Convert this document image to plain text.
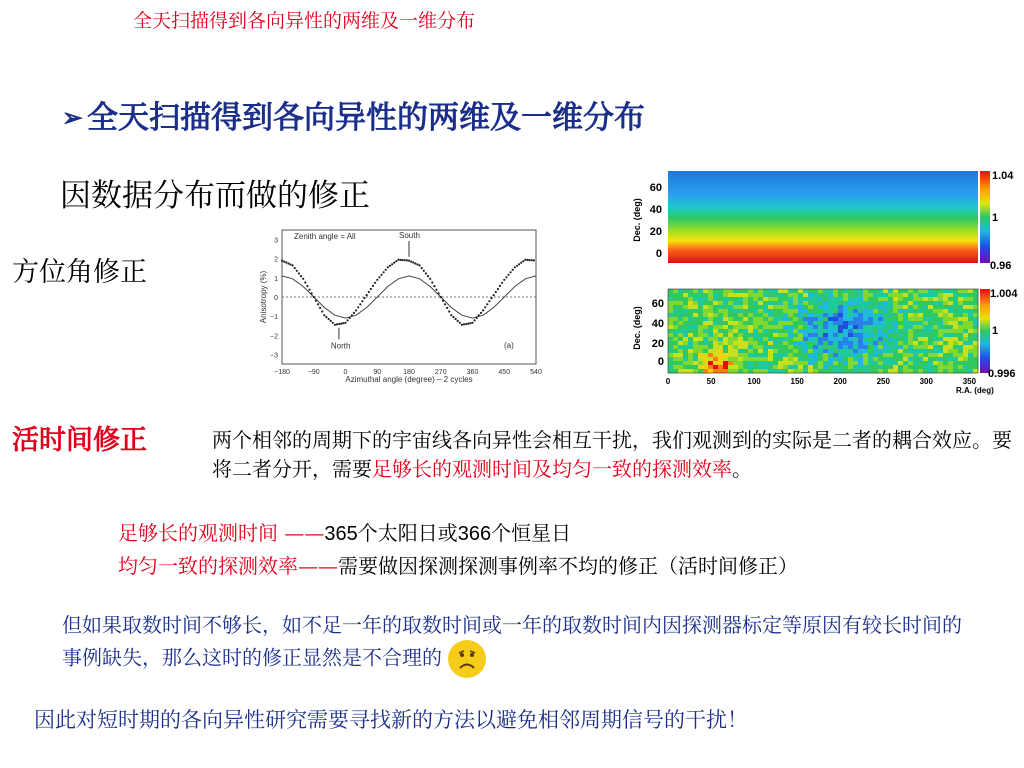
全天扫描得到各向异性的两维及一维分布
➢ 全天扫描得到各向异性的两维及一维分布
因数据分布而做的修正
方位角修正
3
2
1
0
−1
−2
−3
−180	−90	0	90	180	270	360	450	540
Zenith angle = All	South
North	(a)
Azimuthal angle (degree) – 2 cycles
Anisotropy (%)
Dec. (deg)
60
40
20
0
1.04
1
0.96
Dec. (deg)
60
40
20
0
1.004
1
0.996
0	50	100	150	200	250	300	350
R.A. (deg)
活时间修正	两个相邻的周期下的宇宙线各向异性会相互干扰，我们观测到的实际是二者的耦合效应。要将二者分开，需要足够长的观测时间及均匀一致的探测效率。
足够长的观测时间 ——365个太阳日或366个恒星日
均匀一致的探测效率——需要做因探测探测事例率不均的修正（活时间修正）
但如果取数时间不够长，如不足一年的取数时间或一年的取数时间内因探测器标定等原因有较长时间的事例缺失，那么这时的修正显然是不合理的
因此对短时期的各向异性研究需要寻找新的方法以避免相邻周期信号的干扰！
